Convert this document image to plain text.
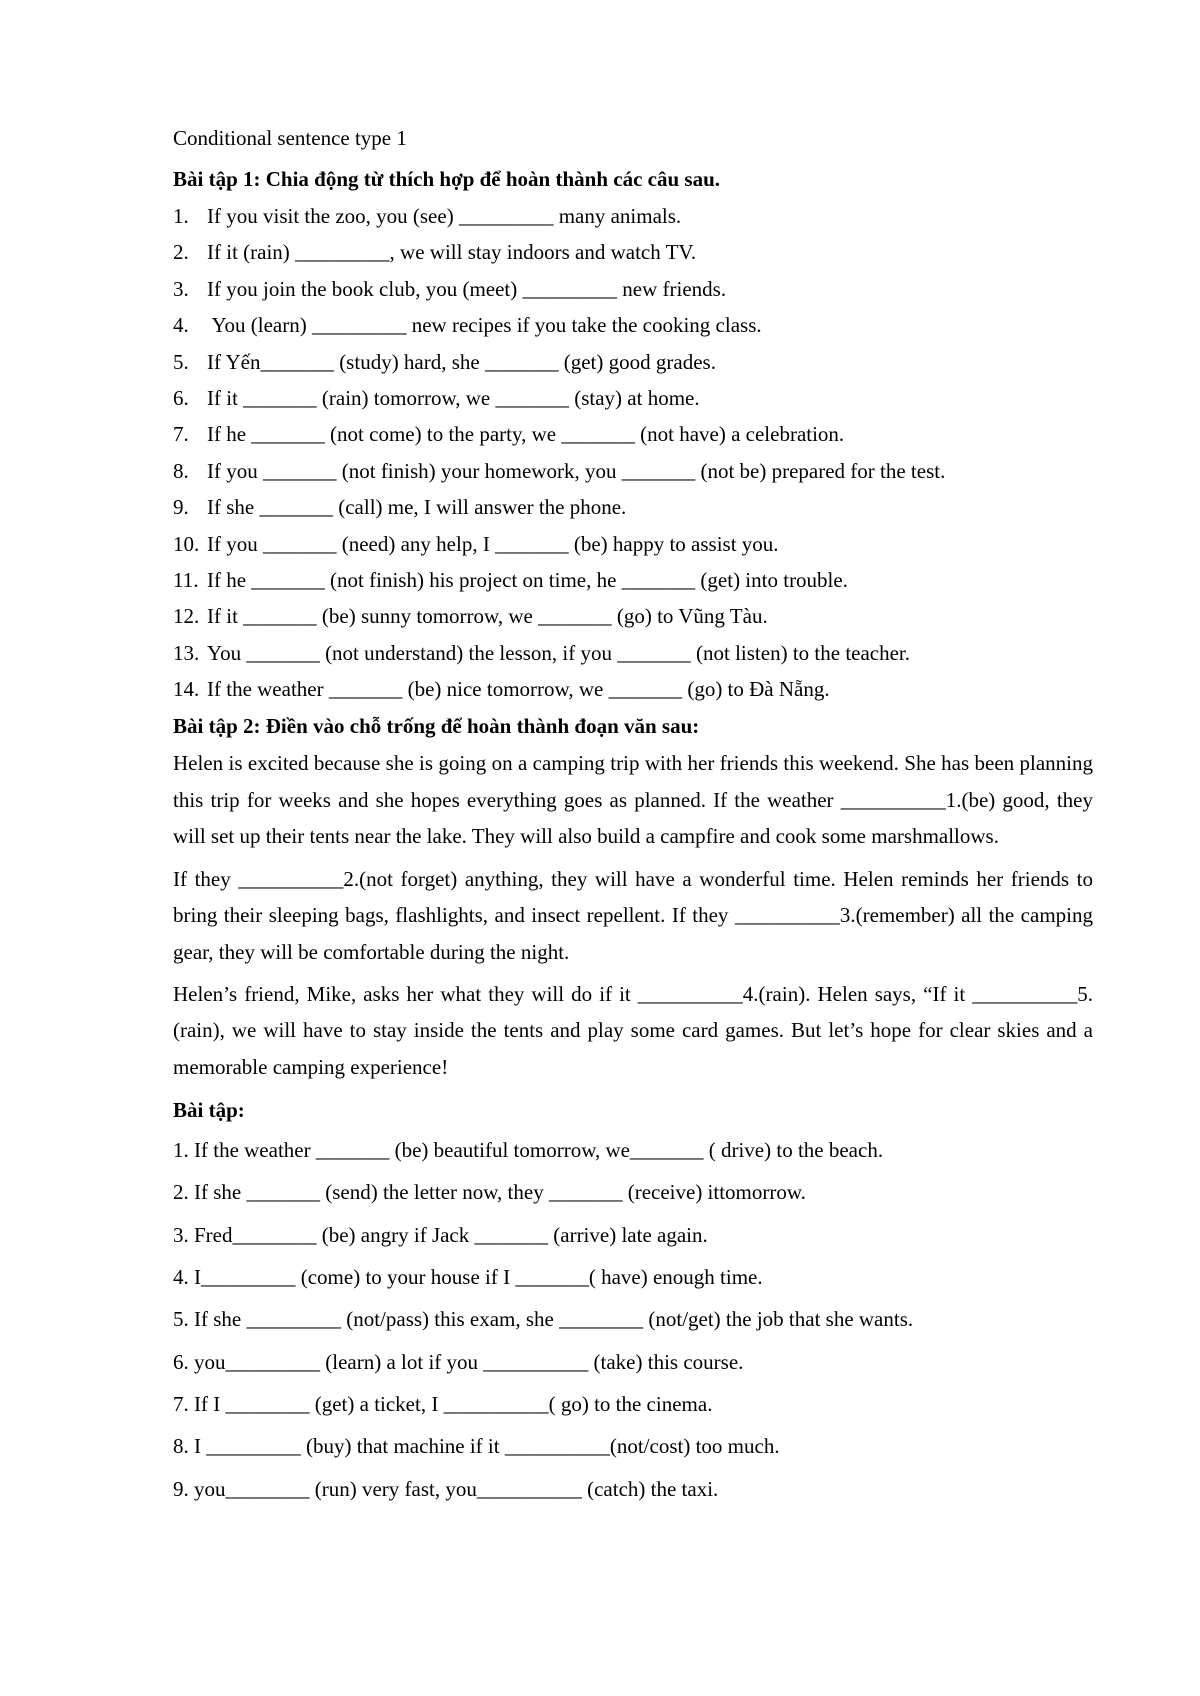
Conditional sentence type 1
Bài tập 1: Chia động từ thích hợp để hoàn thành các câu sau.
1. If you visit the zoo, you (see) _________ many animals.
2. If it (rain) _________, we will stay indoors and watch TV.
3. If you join the book club, you (meet) _________ new friends.
4. You (learn) _________ new recipes if you take the cooking class.
5. If Yến_______ (study) hard, she _______ (get) good grades.
6. If it _______ (rain) tomorrow, we _______ (stay) at home.
7. If he _______ (not come) to the party, we _______ (not have) a celebration.
8. If you _______ (not finish) your homework, you _______ (not be) prepared for the test.
9. If she _______ (call) me, I will answer the phone.
10. If you _______ (need) any help, I _______ (be) happy to assist you.
11. If he _______ (not finish) his project on time, he _______ (get) into trouble.
12. If it _______ (be) sunny tomorrow, we _______ (go) to Vũng Tàu.
13. You _______ (not understand) the lesson, if you _______ (not listen) to the teacher.
14. If the weather _______ (be) nice tomorrow, we _______ (go) to Đà Nẵng.
Bài tập 2: Điền vào chỗ trống để hoàn thành đoạn văn sau:

Helen is excited because she is going on a camping trip with her friends this weekend. She has been planning this trip for weeks and she hopes everything goes as planned. If the weather __________1.(be) good, they will set up their tents near the lake. They will also build a campfire and cook some marshmallows.

If they __________2.(not forget) anything, they will have a wonderful time. Helen reminds her friends to bring their sleeping bags, flashlights, and insect repellent. If they __________3.(remember) all the camping gear, they will be comfortable during the night.

Helen’s friend, Mike, asks her what they will do if it __________4.(rain). Helen says, “If it __________5.(rain), we will have to stay inside the tents and play some card games. But let’s hope for clear skies and a memorable camping experience!

Bài tập:
1. If the weather _______ (be) beautiful tomorrow, we_______ ( drive) to the beach.
2. If she _______ (send) the letter now, they _______ (receive) ittomorrow.
3. Fred________ (be) angry if Jack _______ (arrive) late again.
4. I_________ (come) to your house if I _______( have) enough time.
5. If she _________ (not/pass) this exam, she ________ (not/get) the job that she wants.
6. you_________ (learn) a lot if you __________ (take) this course.
7. If I ________ (get) a ticket, I __________( go) to the cinema.
8. I _________ (buy) that machine if it __________(not/cost) too much.
9. you________ (run) very fast, you__________ (catch) the taxi.
